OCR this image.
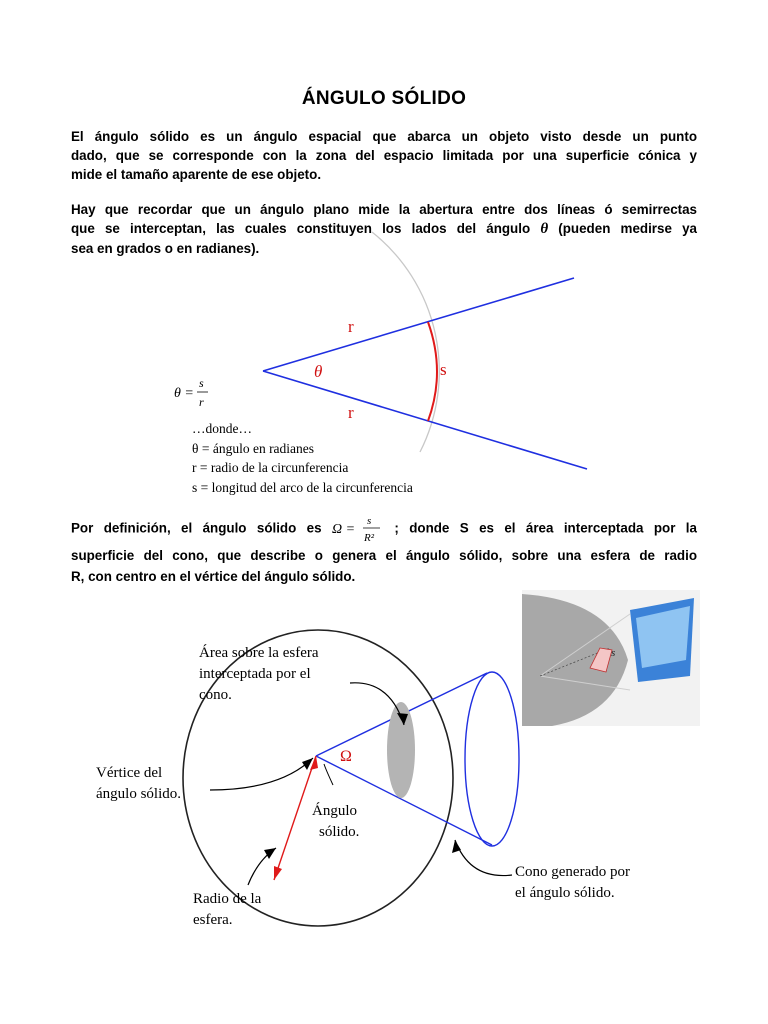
ÁNGULO SÓLIDO
El ángulo sólido es un ángulo espacial que abarca un objeto visto desde un punto
dado, que se corresponde con la zona del espacio limitada por una superficie cónica y
mide el tamaño aparente de ese objeto.
Hay que recordar que un ángulo plano mide la abertura entre dos líneas ó semirrectas
que se interceptan, las cuales constituyen los lados del ángulo θ (pueden medirse ya
sea en grados o en radianes).
r
r
θ	s
θ =
s
r
…donde…
θ = ángulo en radianes
r = radio de la circunferencia
s = longitud del arco de la circunferencia
Por definición, el ángulo sólido es Ω =
s
R²
; donde S es el área interceptada por la
superficie del cono, que describe o genera el ángulo sólido, sobre una esfera de radio
R, con centro en el vértice del ángulo sólido.
Ω
s
Área sobre la esfera
interceptada por el
cono.
Vértice del
ángulo sólido.
Ángulo
sólido.
Radio de la
esfera.
Cono generado por
el ángulo sólido.
